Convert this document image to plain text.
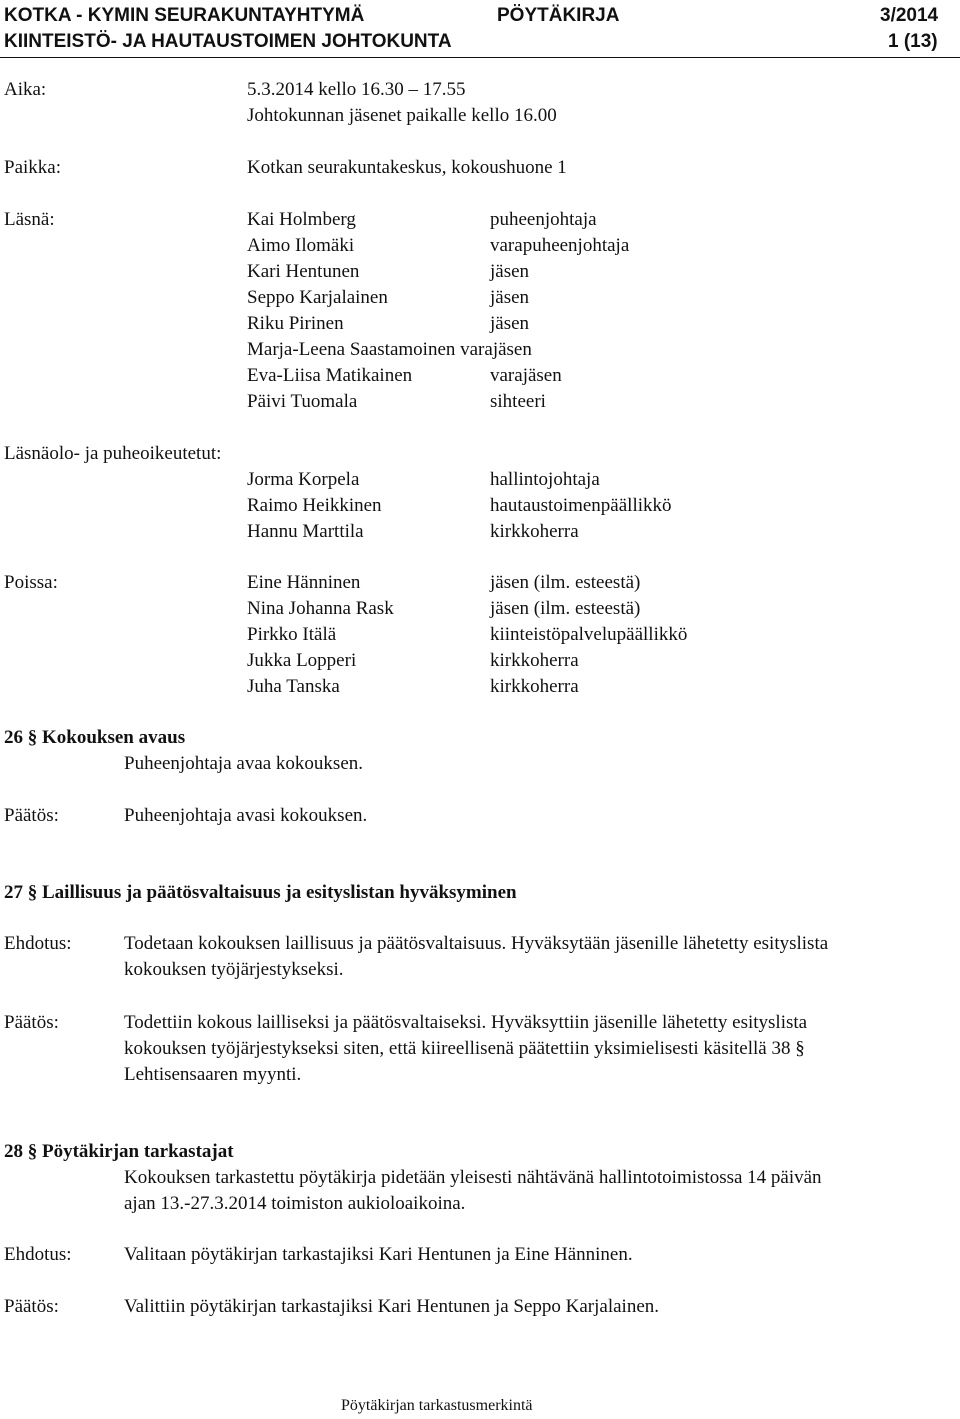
KOTKA - KYMIN SEURAKUNTAYHTYMÄ	PÖYTÄKIRJA	3/2014
KIINTEISTÖ- JA HAUTAUSTOIMEN JOHTOKUNTA	1 (13)
Aika:	5.3.2014 kello 16.30 – 17.55
Johtokunnan jäsenet paikalle kello 16.00
Paikka:	Kotkan seurakuntakeskus, kokoushuone 1
Läsnä:	Kai Holmberg	puheenjohtaja
Aimo Ilomäki	varapuheenjohtaja
Kari Hentunen	jäsen
Seppo Karjalainen	jäsen
Riku Pirinen	jäsen
Marja-Leena Saastamoinen varajäsen
Eva-Liisa Matikainen	varajäsen
Päivi Tuomala	sihteeri
Läsnäolo- ja puheoikeutetut:
Jorma Korpela	hallintojohtaja
Raimo Heikkinen	hautaustoimenpäällikkö
Hannu Marttila	kirkkoherra
Poissa:	Eine Hänninen	jäsen (ilm. esteestä)
Nina Johanna Rask	jäsen (ilm. esteestä)
Pirkko Itälä	kiinteistöpalvelupäällikkö
Jukka Lopperi	kirkkoherra
Juha Tanska	kirkkoherra
26 § Kokouksen avaus
Puheenjohtaja avaa kokouksen.
Päätös:	Puheenjohtaja avasi kokouksen.
27 § Laillisuus ja päätösvaltaisuus ja esityslistan hyväksyminen
Ehdotus:	Todetaan kokouksen laillisuus ja päätösvaltaisuus. Hyväksytään jäsenille lähetetty esityslista
kokouksen työjärjestykseksi.
Päätös:	Todettiin kokous lailliseksi ja päätösvaltaiseksi. Hyväksyttiin jäsenille lähetetty esityslista
kokouksen työjärjestykseksi siten, että kiireellisenä päätettiin yksimielisesti käsitellä 38 §
Lehtisensaaren myynti.
28 § Pöytäkirjan tarkastajat
Kokouksen tarkastettu pöytäkirja pidetään yleisesti nähtävänä hallintotoimistossa 14 päivän
ajan 13.-27.3.2014 toimiston aukioloaikoina.
Ehdotus:	Valitaan pöytäkirjan tarkastajiksi Kari Hentunen ja Eine Hänninen.
Päätös:	Valittiin pöytäkirjan tarkastajiksi Kari Hentunen ja Seppo Karjalainen.
Pöytäkirjan tarkastusmerkintä
